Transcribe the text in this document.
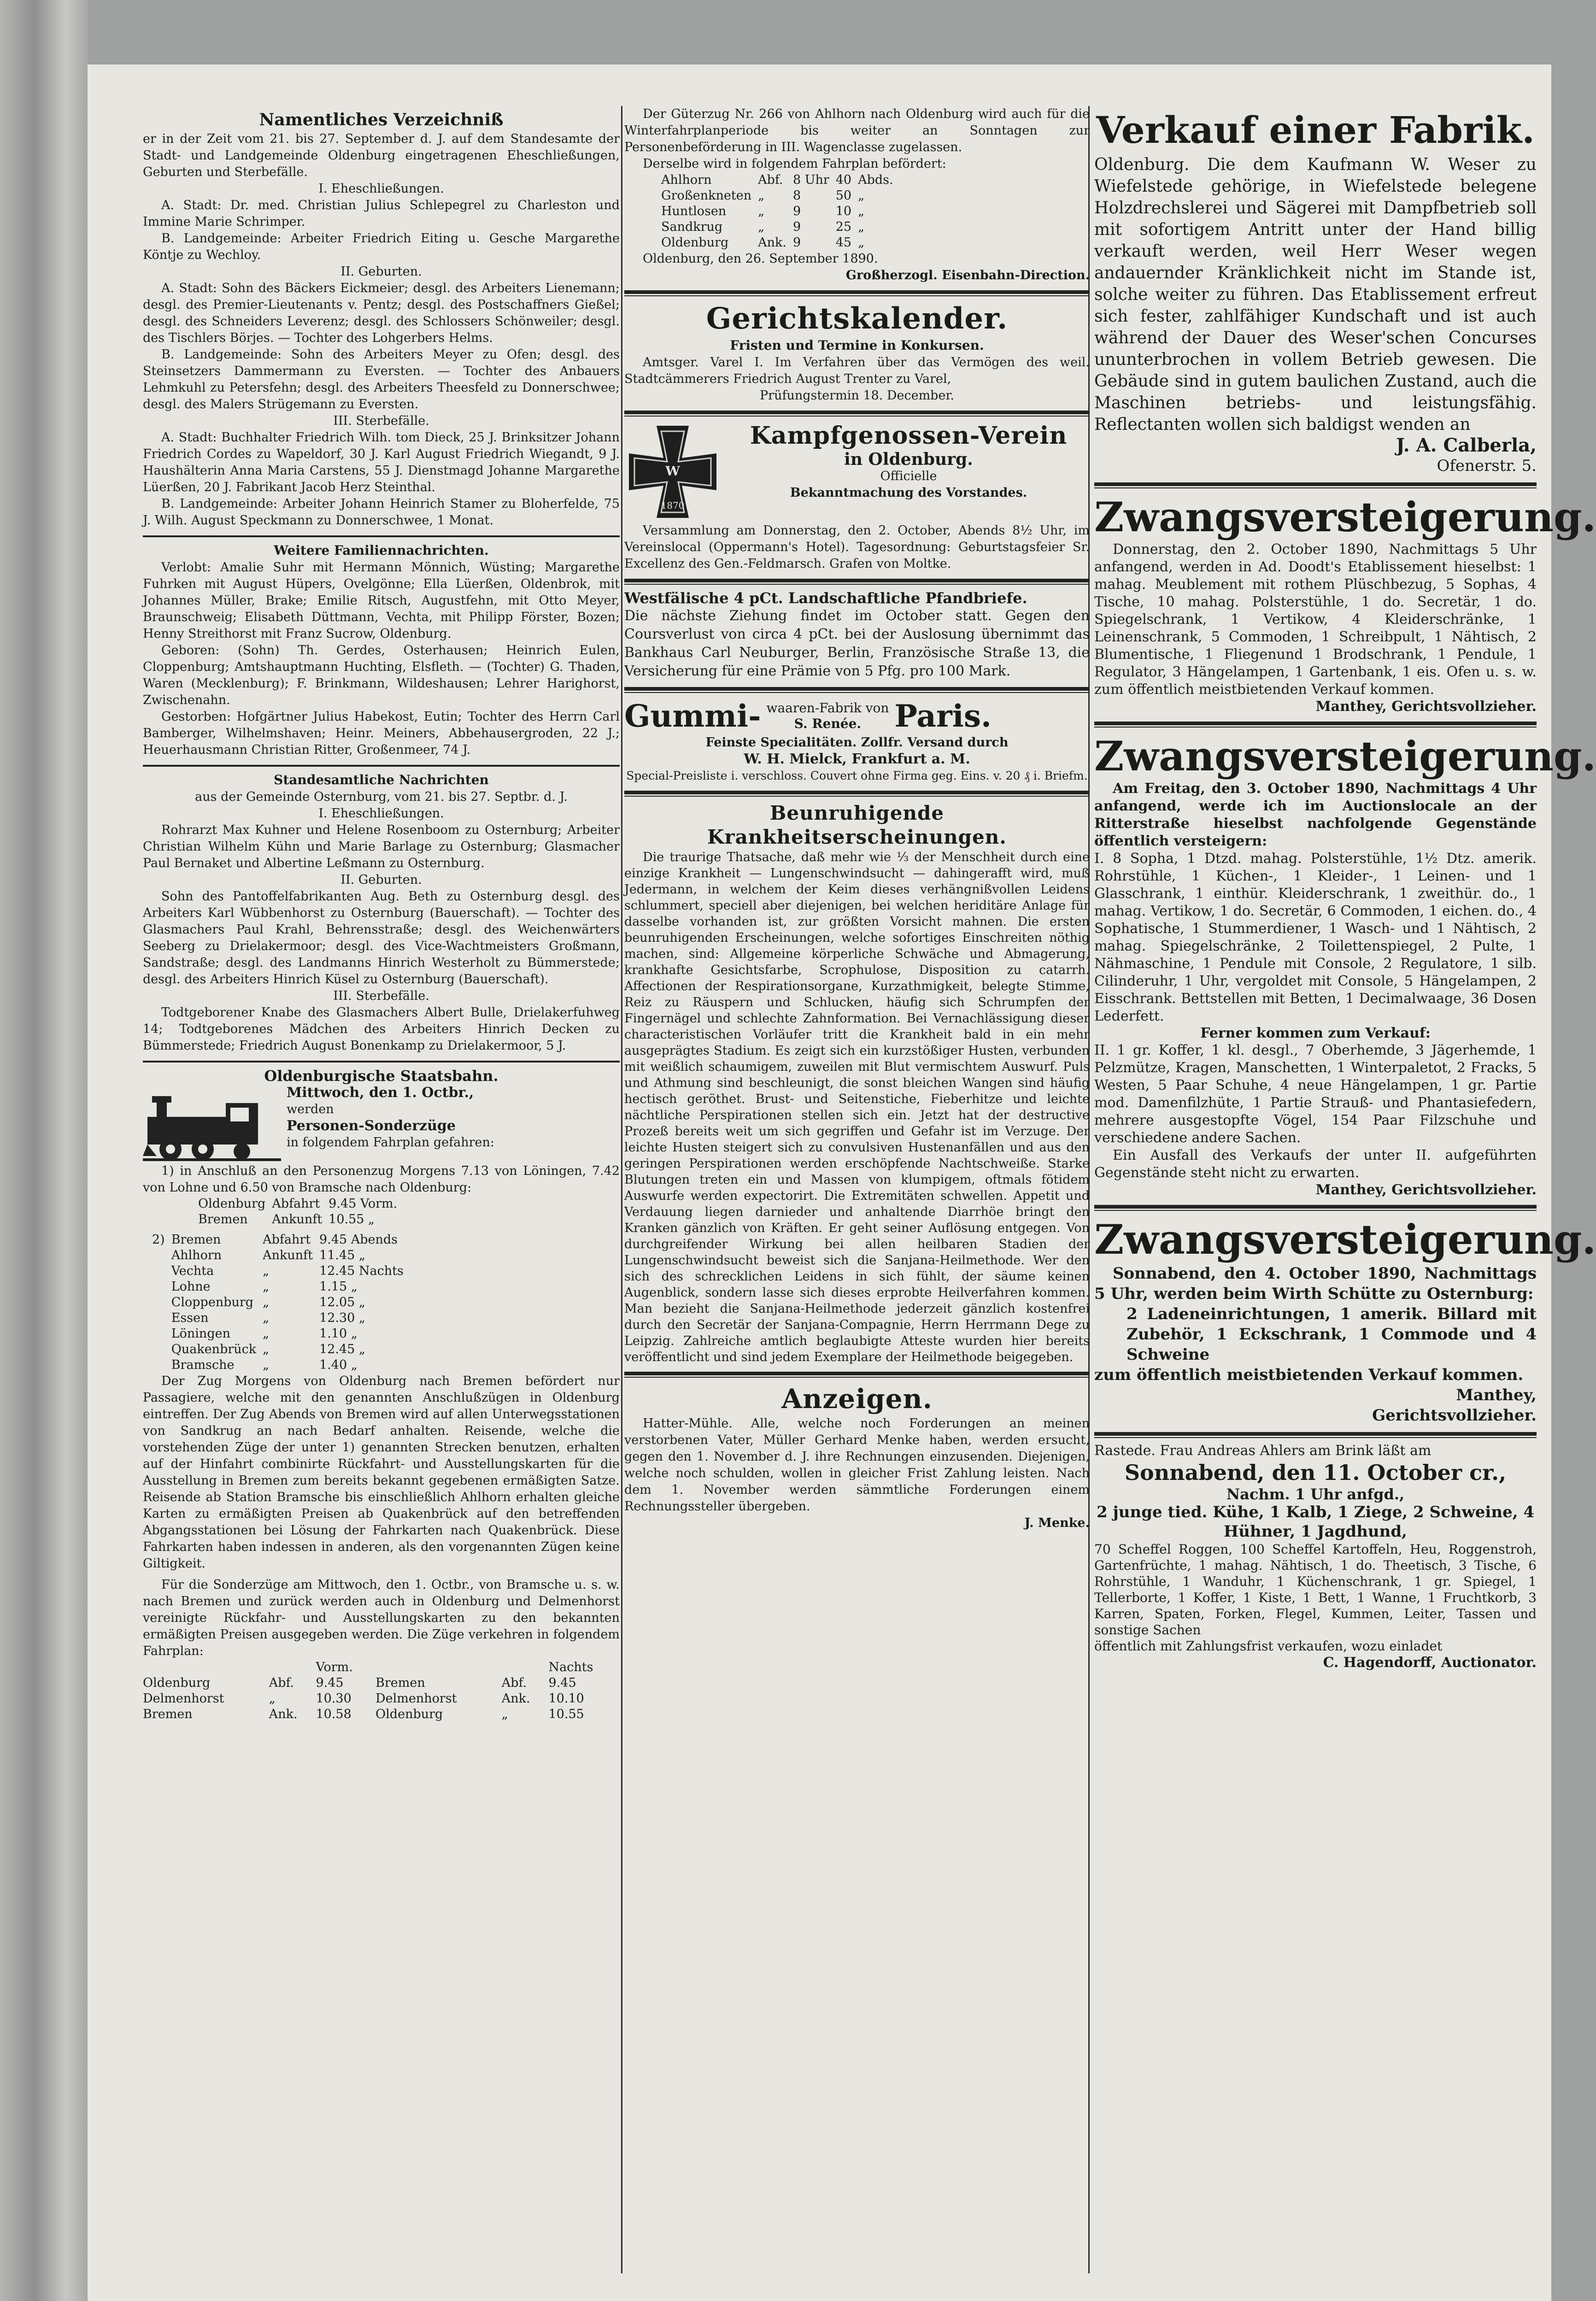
Namentliches Verzeichniß

er in der Zeit vom 21. bis 27. September d. J. auf dem Standesamte der Stadt- und Landgemeinde Oldenburg eingetragenen Eheschließungen, Geburten und Sterbefälle.

I. Eheschließungen.

A. Stadt: Dr. med. Christian Julius Schlepegrel zu Charleston und Immine Marie Schrimper.

B. Landgemeinde: Arbeiter Friedrich Eiting u. Gesche Margarethe Köntje zu Wechloy.

II. Geburten.

A. Stadt: Sohn des Bäckers Eickmeier; desgl. des Arbeiters Lienemann; desgl. des Premier-Lieutenants v. Pentz; desgl. des Postschaffners Gießel; desgl. des Schneiders Leverenz; desgl. des Schlossers Schönweiler; desgl. des Tischlers Börjes. — Tochter des Lohgerbers Helms.

B. Landgemeinde: Sohn des Arbeiters Meyer zu Ofen; desgl. des Steinsetzers Dammermann zu Eversten. — Tochter des Anbauers Lehmkuhl zu Petersfehn; desgl. des Arbeiters Theesfeld zu Donnerschwee; desgl. des Malers Strügemann zu Eversten.

III. Sterbefälle.

A. Stadt: Buchhalter Friedrich Wilh. tom Dieck, 25 J. Brinksitzer Johann Friedrich Cordes zu Wapeldorf, 30 J. Karl August Friedrich Wiegandt, 9 J. Haushälterin Anna Maria Carstens, 55 J. Dienstmagd Johanne Margarethe Lüerßen, 20 J. Fabrikant Jacob Herz Steinthal.

B. Landgemeinde: Arbeiter Johann Heinrich Stamer zu Bloherfelde, 75 J. Wilh. August Speckmann zu Donnerschwee, 1 Monat.

Weitere Familiennachrichten.

Verlobt: Amalie Suhr mit Hermann Mönnich, Wüsting; Margarethe Fuhrken mit August Hüpers, Ovelgönne; Ella Lüerßen, Oldenbrok, mit Johannes Müller, Brake; Emilie Ritsch, Augustfehn, mit Otto Meyer, Braunschweig; Elisabeth Düttmann, Vechta, mit Philipp Förster, Bozen; Henny Streithorst mit Franz Sucrow, Oldenburg.

Geboren: (Sohn) Th. Gerdes, Osterhausen; Heinrich Eulen, Cloppenburg; Amtshauptmann Huchting, Elsfleth. — (Tochter) G. Thaden, Waren (Mecklenburg); F. Brinkmann, Wildeshausen; Lehrer Harighorst, Zwischenahn.

Gestorben: Hofgärtner Julius Habekost, Eutin; Tochter des Herrn Carl Bamberger, Wilhelmshaven; Heinr. Meiners, Abbehausergroden, 22 J.; Heuerhausmann Christian Ritter, Großenmeer, 74 J.

Standesamtliche Nachrichten

aus der Gemeinde Osternburg, vom 21. bis 27. Septbr. d. J.

I. Eheschließungen.

Rohrarzt Max Kuhner und Helene Rosenboom zu Osternburg; Arbeiter Christian Wilhelm Kühn und Marie Barlage zu Osternburg; Glasmacher Paul Bernaket und Albertine Leßmann zu Osternburg.

II. Geburten.

Sohn des Pantoffelfabrikanten Aug. Beth zu Osternburg desgl. des Arbeiters Karl Wübbenhorst zu Osternburg (Bauerschaft). — Tochter des Glasmachers Paul Krahl, Behrensstraße; desgl. des Weichenwärters Seeberg zu Drielakermoor; desgl. des Vice-Wachtmeisters Großmann, Sandstraße; desgl. des Landmanns Hinrich Westerholt zu Bümmerstede; desgl. des Arbeiters Hinrich Küsel zu Osternburg (Bauerschaft).

III. Sterbefälle.

Todtgeborener Knabe des Glasmachers Albert Bulle, Drielakerfuhweg 14; Todtgeborenes Mädchen des Arbeiters Hinrich Decken zu Bümmerstede; Friedrich August Bonenkamp zu Drielakermoor, 5 J.

Oldenburgische Staatsbahn.

Mittwoch, den 1. Octbr.,

werden

Personen-Sonderzüge

in folgendem Fahrplan gefahren:

1) in Anschluß an den Personenzug Morgens 7.13 von Löningen, 7.42 von Lohne und 6.50 von Bramsche nach Oldenburg:

Oldenburg	Abfahrt	9.45 Vorm.
Bremen	Ankunft	10.55 „
2)	Bremen	Abfahrt	9.45 Abends
	Ahlhorn	Ankunft	11.45 „
	Vechta	„	12.45 Nachts
	Lohne	„	1.15 „
	Cloppenburg	„	12.05 „
	Essen	„	12.30 „
	Löningen	„	1.10 „
	Quakenbrück	„	12.45 „
	Bramsche	„	1.40 „

Der Zug Morgens von Oldenburg nach Bremen befördert nur Passagiere, welche mit den genannten Anschlußzügen in Oldenburg eintreffen. Der Zug Abends von Bremen wird auf allen Unterwegsstationen von Sandkrug an nach Bedarf anhalten. Reisende, welche die vorstehenden Züge der unter 1) genannten Strecken benutzen, erhalten auf der Hinfahrt combinirte Rückfahrt- und Ausstellungskarten für die Ausstellung in Bremen zum bereits bekannt gegebenen ermäßigten Satze. Reisende ab Station Bramsche bis einschließlich Ahlhorn erhalten gleiche Karten zu ermäßigten Preisen ab Quakenbrück auf den betreffenden Abgangsstationen bei Lösung der Fahrkarten nach Quakenbrück. Diese Fahrkarten haben indessen in anderen, als den vorgenannten Zügen keine Giltigkeit.

Für die Sonderzüge am Mittwoch, den 1. Octbr., von Bramsche u. s. w. nach Bremen und zurück werden auch in Oldenburg und Delmenhorst vereinigte Rückfahr- und Ausstellungskarten zu den bekannten ermäßigten Preisen ausgegeben werden. Die Züge verkehren in folgendem Fahrplan:

		Vorm.			Nachts
Oldenburg	Abf.	9.45	Bremen	Abf.	9.45
Delmenhorst	„	10.30	Delmenhorst	Ank.	10.10
Bremen	Ank.	10.58	Oldenburg	„	10.55

Der Güterzug Nr. 266 von Ahlhorn nach Oldenburg wird auch für die Winterfahrplanperiode bis weiter an Sonntagen zur Personenbeförderung in III. Wagenclasse zugelassen.

Derselbe wird in folgendem Fahrplan befördert:

Ahlhorn	Abf.	8 Uhr	40	Abds.
Großenkneten	„	8	50	„
Huntlosen	„	9	10	„
Sandkrug	„	9	25	„
Oldenburg	Ank.	9	45	„

Oldenburg, den 26. September 1890.

Großherzogl. Eisenbahn-Direction.

Gerichtskalender.

Fristen und Termine in Konkursen.

Amtsger. Varel I. Im Verfahren über das Vermögen des weil. Stadtcämmerers Friedrich August Trenter zu Varel,

Prüfungstermin 18. December.

W
1870

Kampfgenossen-Verein

in Oldenburg.

Officielle

Bekanntmachung des Vorstandes.

Versammlung am Donnerstag, den 2. October, Abends 8½ Uhr, im Vereinslocal (Oppermann's Hotel). Tagesordnung: Geburtstagsfeier Sr. Excellenz des Gen.-Feldmarsch. Grafen von Moltke.

Westfälische 4 pCt. Landschaftliche Pfandbriefe.

Die nächste Ziehung findet im October statt. Gegen den Coursverlust von circa 4 pCt. bei der Auslosung übernimmt das Bankhaus Carl Neuburger, Berlin, Französische Straße 13, die Versicherung für eine Prämie von 5 Pfg. pro 100 Mark.

Gummi- waaren-Fabrik von
S. Renée.	Paris.

Feinste Specialitäten. Zollfr. Versand durch

W. H. Mielck, Frankfurt a. M.

Special-Preisliste i. verschloss. Couvert ohne Firma geg. Eins. v. 20 ₰ i. Briefm.

Beunruhigende Krankheitserscheinungen.

Die traurige Thatsache, daß mehr wie ⅓ der Menschheit durch eine einzige Krankheit — Lungenschwindsucht — dahingerafft wird, muß Jedermann, in welchem der Keim dieses verhängnißvollen Leidens schlummert, speciell aber diejenigen, bei welchen heriditäre Anlage für dasselbe vorhanden ist, zur größten Vorsicht mahnen. Die ersten beunruhigenden Erscheinungen, welche sofortiges Einschreiten nöthig machen, sind: Allgemeine körperliche Schwäche und Abmagerung, krankhafte Gesichtsfarbe, Scrophulose, Disposition zu catarrh. Affectionen der Respirationsorgane, Kurzathmigkeit, belegte Stimme, Reiz zu Räuspern und Schlucken, häufig sich Schrumpfen der Fingernägel und schlechte Zahnformation. Bei Vernachlässigung dieser characteristischen Vorläufer tritt die Krankheit bald in ein mehr ausgeprägtes Stadium. Es zeigt sich ein kurzstößiger Husten, verbunden mit weißlich schaumigem, zuweilen mit Blut vermischtem Auswurf. Puls und Athmung sind beschleunigt, die sonst bleichen Wangen sind häufig hectisch geröthet. Brust- und Seitenstiche, Fieberhitze und leichte nächtliche Perspirationen stellen sich ein. Jetzt hat der destructive Prozeß bereits weit um sich gegriffen und Gefahr ist im Verzuge. Der leichte Husten steigert sich zu convulsiven Hustenanfällen und aus den geringen Perspirationen werden erschöpfende Nachtschweiße. Starke Blutungen treten ein und Massen von klumpigem, oftmals fötidem Auswurfe werden expectorirt. Die Extremitäten schwellen. Appetit und Verdauung liegen darnieder und anhaltende Diarrhöe bringt den Kranken gänzlich von Kräften. Er geht seiner Auflösung entgegen. Von durchgreifender Wirkung bei allen heilbaren Stadien der Lungenschwindsucht beweist sich die Sanjana-Heilmethode. Wer den sich des schrecklichen Leidens in sich fühlt, der säume keinen Augenblick, sondern lasse sich dieses erprobte Heilverfahren kommen. Man bezieht die Sanjana-Heilmethode jederzeit gänzlich kostenfrei durch den Secretär der Sanjana-Compagnie, Herrn Herrmann Dege zu Leipzig. Zahlreiche amtlich beglaubigte Atteste wurden hier bereits veröffentlicht und sind jedem Exemplare der Heilmethode beigegeben.

Anzeigen.

Hatter-Mühle. Alle, welche noch Forderungen an meinen verstorbenen Vater, Müller Gerhard Menke haben, werden ersucht, gegen den 1. November d. J. ihre Rechnungen einzusenden. Diejenigen, welche noch schulden, wollen in gleicher Frist Zahlung leisten. Nach dem 1. November werden sämmtliche Forderungen einem Rechnungssteller übergeben.

J. Menke.

Verkauf einer Fabrik.

Oldenburg. Die dem Kaufmann W. Weser zu Wiefelstede gehörige, in Wiefelstede belegene Holzdrechslerei und Sägerei mit Dampfbetrieb soll mit sofortigem Antritt unter der Hand billig verkauft werden, weil Herr Weser wegen andauernder Kränklichkeit nicht im Stande ist, solche weiter zu führen. Das Etablissement erfreut sich fester, zahlfähiger Kundschaft und ist auch während der Dauer des Weser'schen Concurses ununterbrochen in vollem Betrieb gewesen. Die Gebäude sind in gutem baulichen Zustand, auch die Maschinen betriebs- und leistungsfähig. Reflectanten wollen sich baldigst wenden an

J. A. Calberla,

Ofenerstr. 5.

Zwangsversteigerung.

Donnerstag, den 2. October 1890, Nachmittags 5 Uhr anfangend, werden in Ad. Doodt's Etablissement hieselbst: 1 mahag. Meublement mit rothem Plüschbezug, 5 Sophas, 4 Tische, 10 mahag. Polsterstühle, 1 do. Secretär, 1 do. Spiegelschrank, 1 Vertikow, 4 Kleiderschränke, 1 Leinenschrank, 5 Commoden, 1 Schreibpult, 1 Nähtisch, 2 Blumentische, 1 Fliegenund 1 Brodschrank, 1 Pendule, 1 Regulator, 3 Hängelampen, 1 Gartenbank, 1 eis. Ofen u. s. w. zum öffentlich meistbietenden Verkauf kommen.

Manthey, Gerichtsvollzieher.

Zwangsversteigerung.

Am Freitag, den 3. October 1890, Nachmittags 4 Uhr anfangend, werde ich im Auctionslocale an der Ritterstraße hieselbst nachfolgende Gegenstände öffentlich versteigern:

I. 8 Sopha, 1 Dtzd. mahag. Polsterstühle, 1½ Dtz. amerik. Rohrstühle, 1 Küchen-, 1 Kleider-, 1 Leinen- und 1 Glasschrank, 1 einthür. Kleiderschrank, 1 zweithür. do., 1 mahag. Vertikow, 1 do. Secretär, 6 Commoden, 1 eichen. do., 4 Sophatische, 1 Stummerdiener, 1 Wasch- und 1 Nähtisch, 2 mahag. Spiegelschränke, 2 Toilettenspiegel, 2 Pulte, 1 Nähmaschine, 1 Pendule mit Console, 2 Regulatore, 1 silb. Cilinderuhr, 1 Uhr, vergoldet mit Console, 5 Hängelampen, 2 Eisschrank. Bettstellen mit Betten, 1 Decimalwaage, 36 Dosen Lederfett.

Ferner kommen zum Verkauf:

II. 1 gr. Koffer, 1 kl. desgl., 7 Oberhemde, 3 Jägerhemde, 1 Pelzmütze, Kragen, Manschetten, 1 Winterpaletot, 2 Fracks, 5 Westen, 5 Paar Schuhe, 4 neue Hängelampen, 1 gr. Partie mod. Damenfilzhüte, 1 Partie Strauß- und Phantasiefedern, mehrere ausgestopfte Vögel, 154 Paar Filzschuhe und verschiedene andere Sachen.

Ein Ausfall des Verkaufs der unter II. aufgeführten Gegenstände steht nicht zu erwarten.

Manthey, Gerichtsvollzieher.

Zwangsversteigerung.

Sonnabend, den 4. October 1890, Nachmittags 5 Uhr, werden beim Wirth Schütte zu Osternburg:

2 Ladeneinrichtungen, 1 amerik. Billard mit Zubehör, 1 Eckschrank, 1 Commode und 4 Schweine

zum öffentlich meistbietenden Verkauf kommen.

Manthey,

Gerichtsvollzieher.

Rastede. Frau Andreas Ahlers am Brink läßt am

Sonnabend, den 11. October cr.,

Nachm. 1 Uhr anfgd.,

2 junge tied. Kühe, 1 Kalb, 1 Ziege, 2 Schweine, 4 Hühner, 1 Jagdhund,

70 Scheffel Roggen, 100 Scheffel Kartoffeln, Heu, Roggenstroh, Gartenfrüchte, 1 mahag. Nähtisch, 1 do. Theetisch, 3 Tische, 6 Rohrstühle, 1 Wanduhr, 1 Küchenschrank, 1 gr. Spiegel, 1 Tellerborte, 1 Koffer, 1 Kiste, 1 Bett, 1 Wanne, 1 Fruchtkorb, 3 Karren, Spaten, Forken, Flegel, Kummen, Leiter, Tassen und sonstige Sachen

öffentlich mit Zahlungsfrist verkaufen, wozu einladet

C. Hagendorff, Auctionator.
